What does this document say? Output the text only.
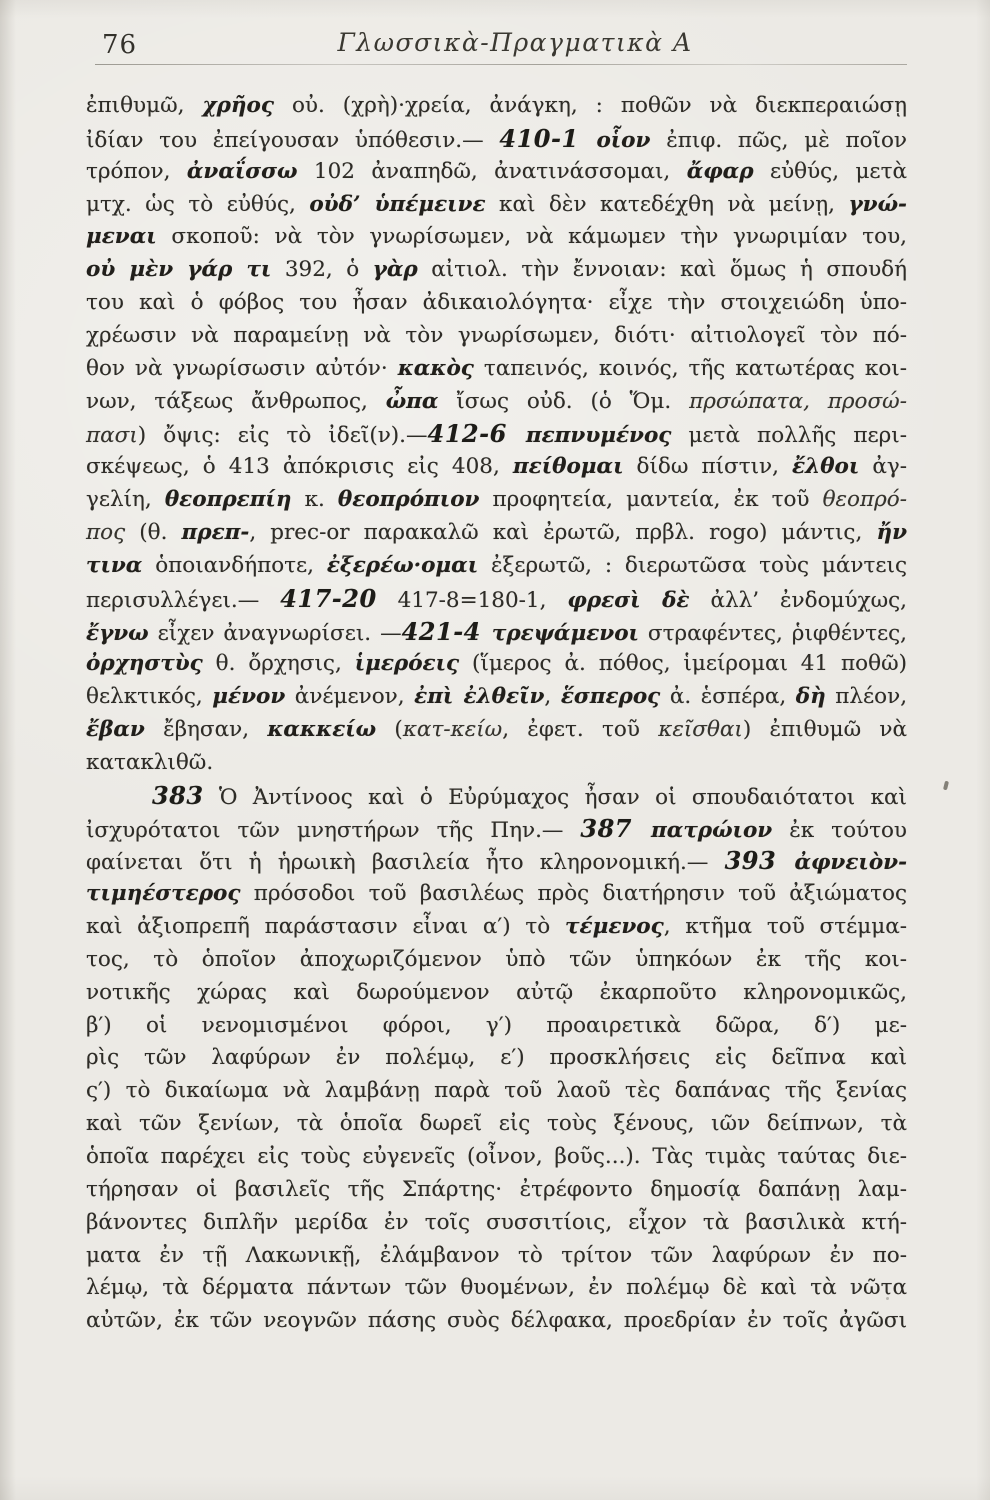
76	Γλωσσικὰ-Πραγματικὰ Α
ἐπιθυμῶ, χρῆος οὐ. (χρὴ)·χρεία, ἀνάγκη, : ποθῶν νὰ διεκπεραιώσῃ
ἰδίαν του ἐπείγουσαν ὑπόθεσιν.— 410-1 οἷον ἐπιφ. πῶς, μὲ ποῖον
τρόπον, ἀναΐσσω 102 ἀναπηδῶ, ἀνατινάσσομαι, ἄφαρ εὐθύς, μετὰ
μτχ. ὡς τὸ εὐθύς, οὐδ’ ὑπέμεινε καὶ δὲν κατεδέχθη νὰ μείνῃ, γνώ-
μεναι σκοποῦ: νὰ τὸν γνωρίσωμεν, νὰ κάμωμεν τὴν γνωριμίαν του,
οὐ μὲν γάρ τι 392, ὁ γὰρ αἰτιολ. τὴν ἔννοιαν: καὶ ὅμως ἡ σπουδή
του καὶ ὁ φόβος του ἦσαν ἀδικαιολόγητα· εἶχε τὴν στοιχειώδη ὑπο-
χρέωσιν νὰ παραμείνῃ νὰ τὸν γνωρίσωμεν, διότι· αἰτιολογεῖ τὸν πό-
θον νὰ γνωρίσωσιν αὐτόν· κακὸς ταπεινός, κοινός, τῆς κατωτέρας κοι-
νων, τάξεως ἄνθρωπος, ὦπα ἴσως οὐδ. (ὁ Ὅμ. πρσώπατα, προσώ-
πασι) ὄψις: εἰς τὸ ἰδεῖ(ν).—412-6 πεπνυμένος μετὰ πολλῆς περι-
σκέψεως, ὁ 413 ἀπόκρισις εἰς 408, πείθομαι δίδω πίστιν, ἔλθοι ἀγ-
γελίη, θεοπρεπίη κ. θεοπρόπιον προφητεία, μαντεία, ἐκ τοῦ θεοπρό-
πος (θ. πρεπ-, prec-or παρακαλῶ καὶ ἐρωτῶ, πρβλ. rogo) μάντις, ἤν
τινα ὁποιανδήποτε, ἐξερέω·ομαι ἐξερωτῶ, : διερωτῶσα τοὺς μάντεις
περισυλλέγει.— 417-20 417-8=180-1, φρεσὶ δὲ ἀλλ’ ἐνδομύχως,
ἔγνω εἶχεν ἀναγνωρίσει. —421-4 τρεψάμενοι στραφέντες, ῥιφθέντες,
ὀρχηστὺς θ. ὄρχησις, ἱμερόεις (ἵμερος ἀ. πόθος, ἱμείρομαι 41 ποθῶ)
θελκτικός, μένον ἀνέμενον, ἐπὶ ἐλθεῖν, ἕσπερος ἀ. ἑσπέρα, δὴ πλέον,
ἔβαν ἔβησαν, κακκείω (κατ-κείω, ἐφετ. τοῦ κεῖσθαι) ἐπιθυμῶ νὰ
κατακλιθῶ.
383 Ὁ Ἀντίνοος καὶ ὁ Εὐρύμαχος ἦσαν οἱ σπουδαιότατοι καὶ
ἰσχυρότατοι τῶν μνηστήρων τῆς Πην.— 387 πατρώιον ἐκ τούτου
φαίνεται ὅτι ἡ ἡρωικὴ βασιλεία ἦτο κληρονομική.— 393 ἀφνειὸν-
τιμηέστερος πρόσοδοι τοῦ βασιλέως πρὸς διατήρησιν τοῦ ἀξιώματος
καὶ ἀξιοπρεπῆ παράστασιν εἶναι α′) τὸ τέμενος, κτῆμα τοῦ στέμμα-
τος, τὸ ὁποῖον ἀποχωριζόμενον ὑπὸ τῶν ὑπηκόων ἐκ τῆς κοι-
νοτικῆς χώρας καὶ δωρούμενον αὐτῷ ἐκαρποῦτο κληρονομικῶς,
β′) οἱ νενομισμένοι φόροι, γ′) προαιρετικὰ δῶρα, δ′) με-
ρὶς τῶν λαφύρων ἐν πολέμῳ, ε′) προσκλήσεις εἰς δεῖπνα καὶ
ς′) τὸ δικαίωμα νὰ λαμβάνῃ παρὰ τοῦ λαοῦ τὲς δαπάνας τῆς ξενίας
καὶ τῶν ξενίων, τὰ ὁποῖα δωρεῖ εἰς τοὺς ξένους, ιῶν δείπνων, τὰ
ὁποῖα παρέχει εἰς τοὺς εὐγενεῖς (οἶνον, βοῦς...). Τὰς τιμὰς ταύτας διε-
τήρησαν οἱ βασιλεῖς τῆς Σπάρτης· ἐτρέφοντο δημοσίᾳ δαπάνῃ λαμ-
βάνοντες διπλῆν μερίδα ἐν τοῖς συσσιτίοις, εἶχον τὰ βασιλικὰ κτή-
ματα ἐν τῇ Λακωνικῇ, ἐλάμβανον τὸ τρίτον τῶν λαφύρων ἐν πο-
λέμῳ, τὰ δέρματα πάντων τῶν θυομένων, ἐν πολέμῳ δὲ καὶ τὰ νῶτα
αὐτῶν, ἐκ τῶν νεογνῶν πάσης συὸς δέλφακα, προεδρίαν ἐν τοῖς ἀγῶσι
